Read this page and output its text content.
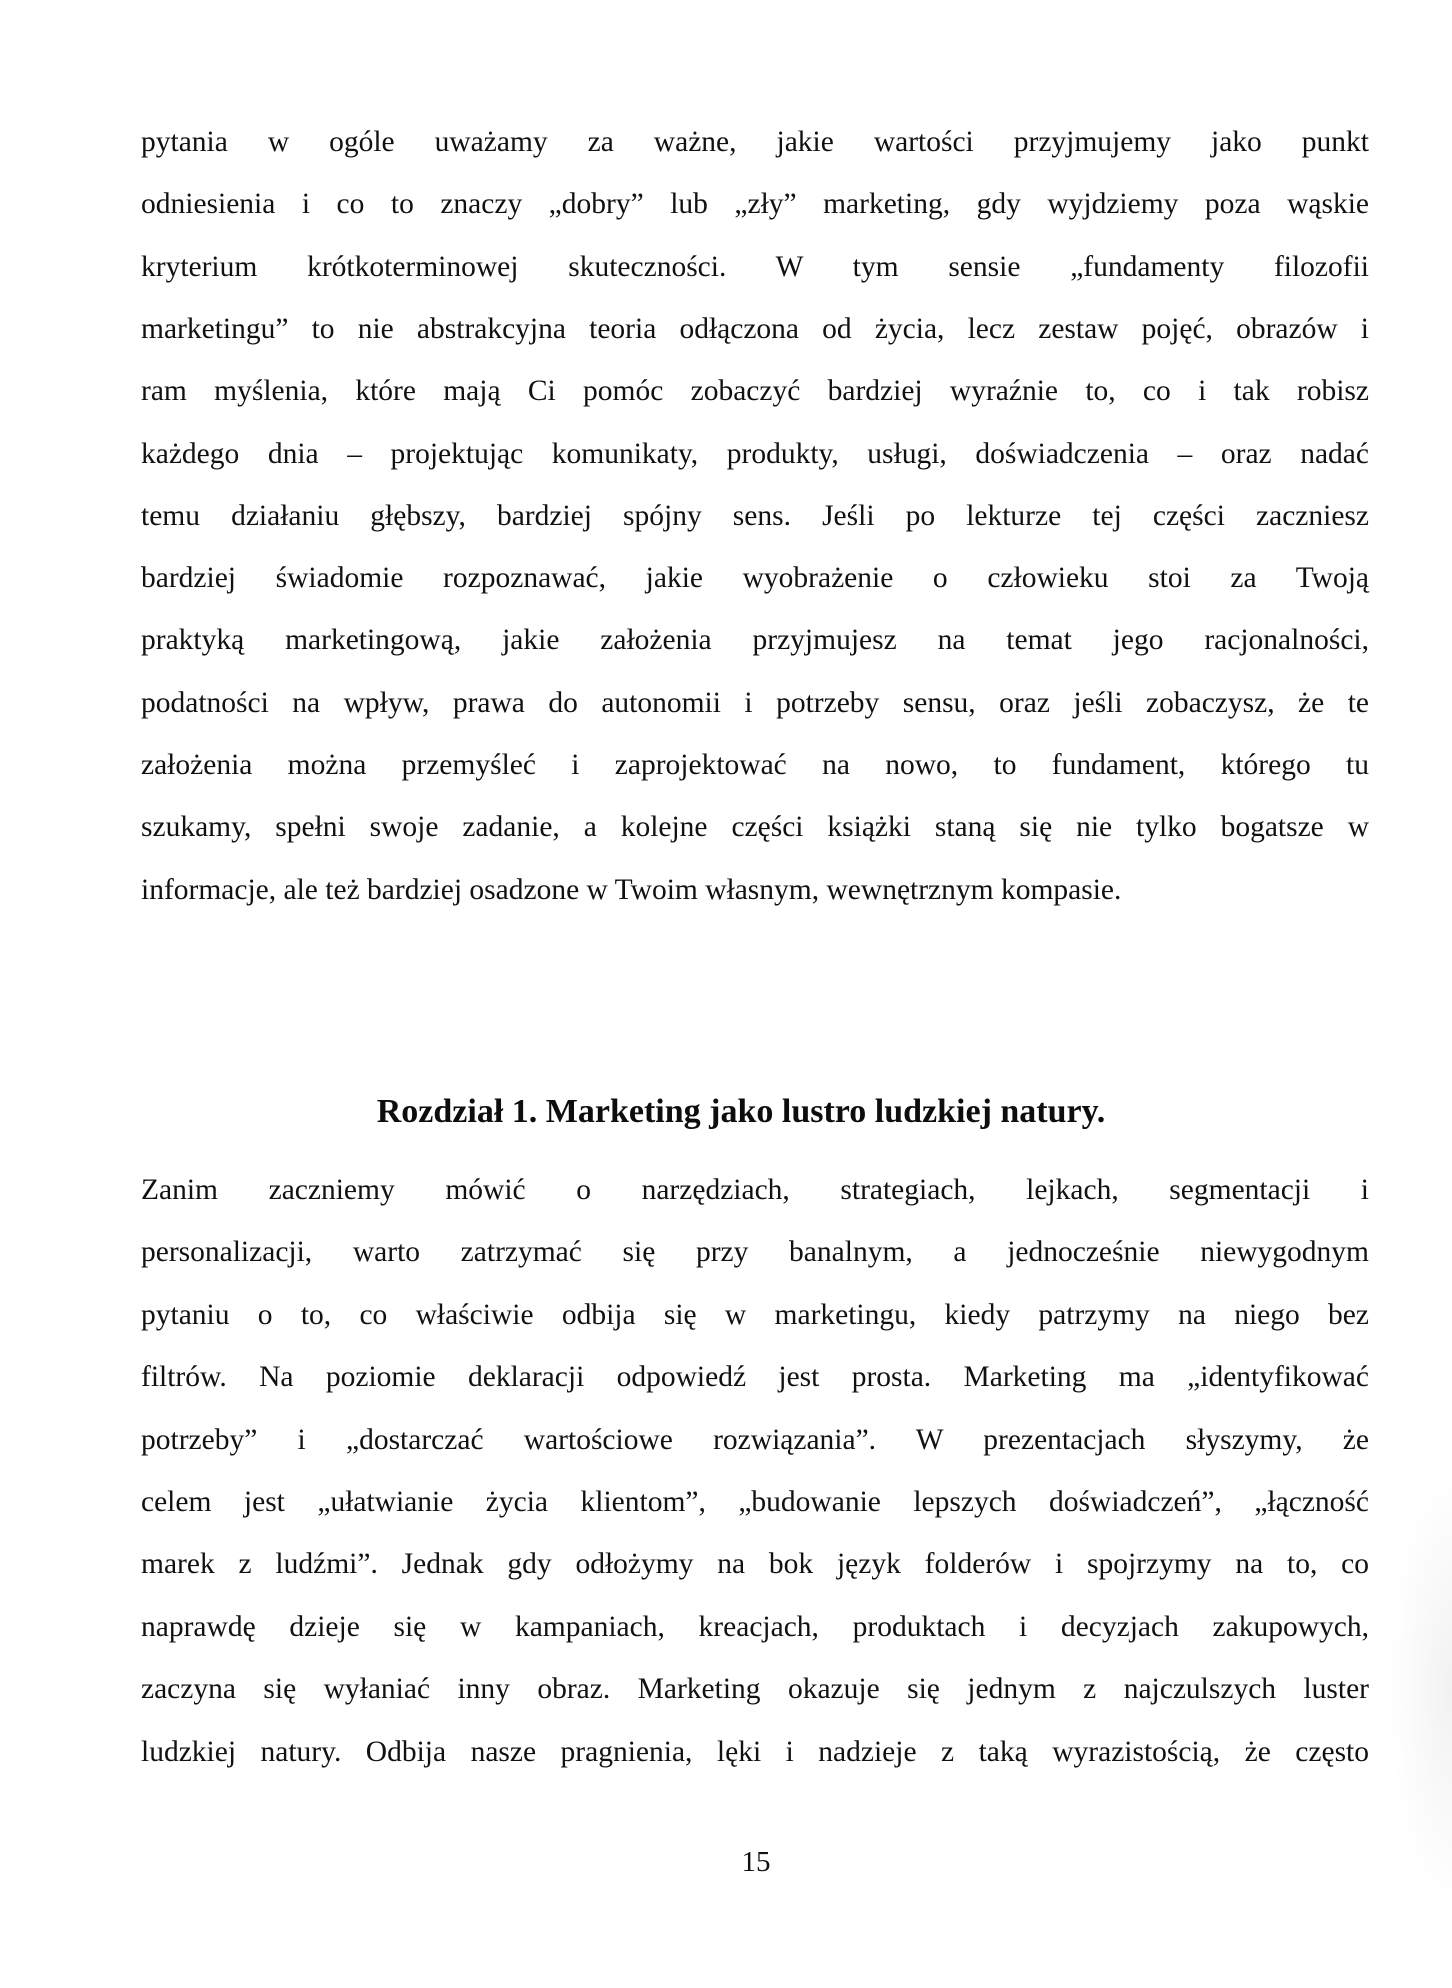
pytania w ogóle uważamy za ważne, jakie wartości przyjmujemy jako punkt
odniesienia i co to znaczy „dobry” lub „zły” marketing, gdy wyjdziemy poza wąskie
kryterium krótkoterminowej skuteczności. W tym sensie „fundamenty filozofii
marketingu” to nie abstrakcyjna teoria odłączona od życia, lecz zestaw pojęć, obrazów i
ram myślenia, które mają Ci pomóc zobaczyć bardziej wyraźnie to, co i tak robisz
każdego dnia – projektując komunikaty, produkty, usługi, doświadczenia – oraz nadać
temu działaniu głębszy, bardziej spójny sens. Jeśli po lekturze tej części zaczniesz
bardziej świadomie rozpoznawać, jakie wyobrażenie o człowieku stoi za Twoją
praktyką marketingową, jakie założenia przyjmujesz na temat jego racjonalności,
podatności na wpływ, prawa do autonomii i potrzeby sensu, oraz jeśli zobaczysz, że te
założenia można przemyśleć i zaprojektować na nowo, to fundament, którego tu
szukamy, spełni swoje zadanie, a kolejne części książki staną się nie tylko bogatsze w
informacje, ale też bardziej osadzone w Twoim własnym, wewnętrznym kompasie.
Rozdział 1. Marketing jako lustro ludzkiej natury.
Zanim zaczniemy mówić o narzędziach, strategiach, lejkach, segmentacji i
personalizacji, warto zatrzymać się przy banalnym, a jednocześnie niewygodnym
pytaniu o to, co właściwie odbija się w marketingu, kiedy patrzymy na niego bez
filtrów. Na poziomie deklaracji odpowiedź jest prosta. Marketing ma „identyfikować
potrzeby” i „dostarczać wartościowe rozwiązania”. W prezentacjach słyszymy, że
celem jest „ułatwianie życia klientom”, „budowanie lepszych doświadczeń”, „łączność
marek z ludźmi”. Jednak gdy odłożymy na bok język folderów i spojrzymy na to, co
naprawdę dzieje się w kampaniach, kreacjach, produktach i decyzjach zakupowych,
zaczyna się wyłaniać inny obraz. Marketing okazuje się jednym z najczulszych luster
ludzkiej natury. Odbija nasze pragnienia, lęki i nadzieje z taką wyrazistością, że często
15
